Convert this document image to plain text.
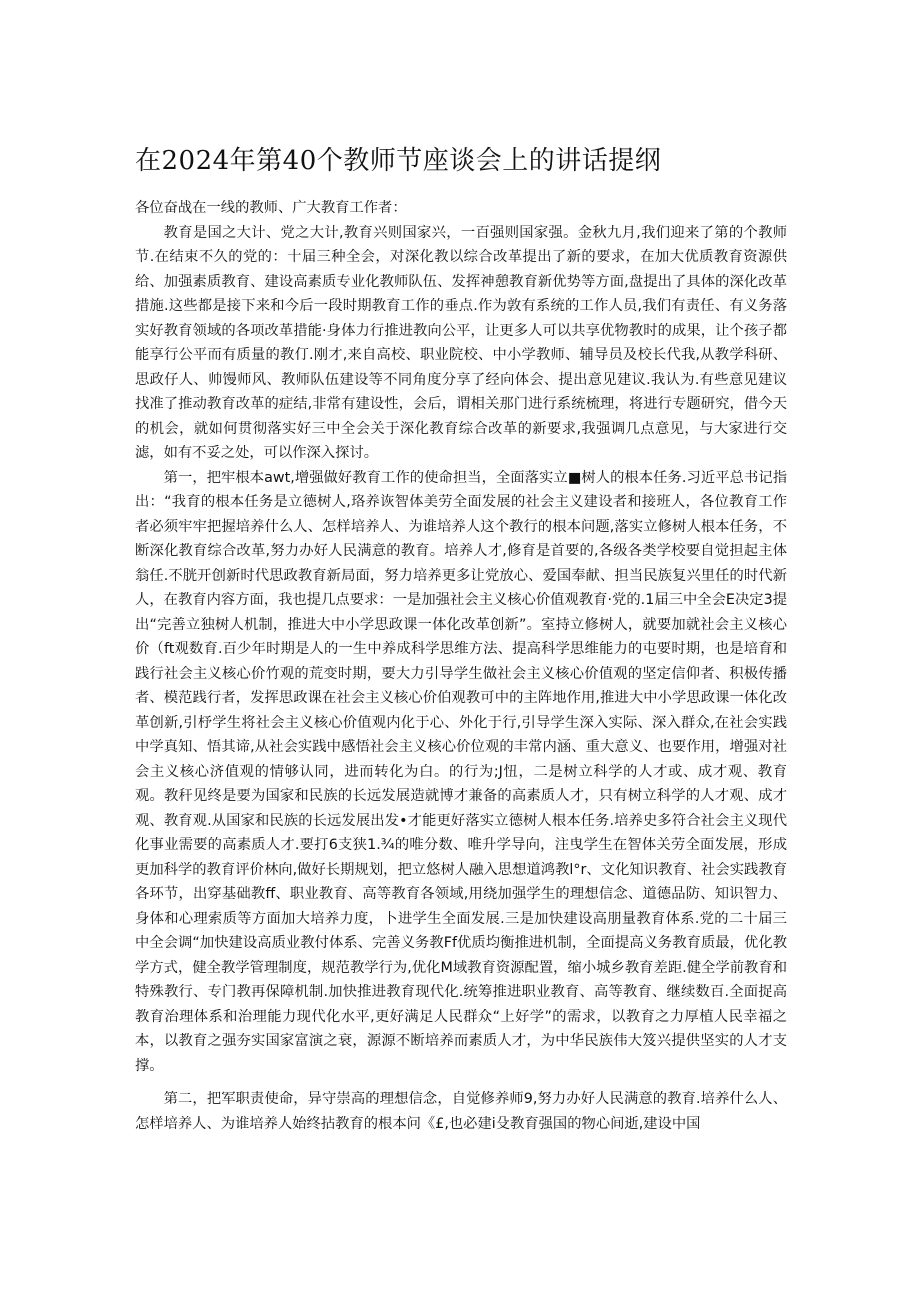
在2024年第40个教师节座谈会上的讲话提纲

各位奋战在一线的教师、广大教育工作者：

教育是国之大计、党之大计,教育兴则国家兴，一百强则国家强。金秋九月,我们迎来了第的个教师节.在结束不久的党的：十届三种全会，对深化教以综合改革提出了新的要求，在加大优质教育资源供给、加强素质教育、建设高素质专业化教师队伍、发挥神憩教育新优势等方面,盘提出了具体的深化改革措施.这些都是接下来和今后一段时期教育工作的垂点.作为敦有系统的工作人员,我们有责任、有义务落实好教育领域的各项改革措能·身体力行推进教向公平，让更多人可以共享优物教时的成果，让个孩子都能享行公平而有质量的教仃.刚才,来自高校、职业院校、中小学教师、辅导员及校长代我,从教学科研、思政仔人、帅馒师风、教师队伍建设等不同角度分享了经向体会、提出意见建议.我认为.有些意见建议找准了推动教育改革的症结,非常有建设性，会后，谓相关那门进行系统梳理，将进行专题研究，借今天的机会，就如何贯彻落实好三中全会关于深化教育综合改革的新要求,我强调几点意见，与大家进行交滤，如有不妥之处，可以作深入探讨。

第一，把牢根本awt,增强做好教育工作的使命担当，全面落实立■树人的根本任务.习近平总书记指出：“我育的根本任务是立德树人,珞养诙智体美劳全面发展的社会主义建设者和接班人，各位教育工作者必须牢牢把握培养什么人、怎样培养人、为谁培养人这个教行的根本问题,落实立修树人根本任务，不断深化教育综合改革,努力办好人民满意的教育。培养人才,修育是首要的,各级各类学校要自觉担起主体翁任.不胱开创新时代思政教育新局面，努力培养更多让党放心、爱国奉献、担当民族复兴里任的时代新人，在教育内容方面，我也提几点要求：一是加强社会主义核心价值观教育·党的.1届三中全会E决定3提出“完善立独树人机制，推进大中小学思政课一体化改革创新”。室持立修树人，就要加就社会主义核心价（ft观数育.百少年时期是人的一生中养成科学思维方法、提高科学思维能力的屯要时期，也是培育和践行社会主义核心价竹观的荒变时期，要大力引导学生做社会主义核心价值观的坚定信仰者、积极传播者、模范践行者，发挥思政课在社会主义核心价伯观教可中的主阵地作用,推进大中小学思政课一体化改革创新,引杼学生将社会主义核心价值观内化于心、外化于行,引导学生深入实际、深入群众,在社会实践中学真知、悟其谛,从社会实践中感悟社会主义核心价位观的丰常内涵、重大意义、也要作用，增强对社会主义核心济值观的情够认同，进而转化为白。的行为;J忸，二是树立科学的人才或、成才观、教育观。教秆见终是要为国家和民族的长远发展造就博才兼备的高素质人才，只有树立科学的人才观、成才观、教育观.从国家和民族的长远发展出发•才能更好落实立德树人根本任务.培养史多符合社会主义现代化事业需要的高素质人才.要打6支狭1.¾的唯分数、唯升学导向，注曳学生在智体关劳全面发展，形成更加科学的教育评价林向,做好长期规划，把立悠树人融入思想道鸿教l°r、文化知识教育、社会实践教育各环节，出穿基础教ff、职业教育、高等教育各领域,用绕加强学生的理想信念、道德品防、知识智力、身体和心理索质等方面加大培养力度，卜进学生全面发展.三是加快建设高朋量教育体系.党的二十届三中全会调“加快建设高质业教付体系、完善义务教Ff优质均衡推进机制，全面提高义务教育质最，优化教学方式，健全教学管理制度，规范教学行为,优化M域教育资源配置，缩小城乡教育差距.健全学前教育和特殊教行、专门教再保障机制.加快推进教育现代化.统筹推进职业教育、高等教育、继续数百.全面捉高教育治理体系和治理能力现代化水平,更好满足人民群众“上好学”的需求，以教育之力厚植人民幸福之本，以教育之强夯实国家富演之衰，源源不断培养而素质人才，为中华民族伟大笈兴提供坚实的人才支撑。

第二，把军职责使命，异守崇高的理想信念，自觉修养师9,努力办好人民满意的教育.培养什么人、怎样培养人、为谁培养人始终拈教育的根本问《£,也必建i殳教育强国的物心间逝,建设中国
